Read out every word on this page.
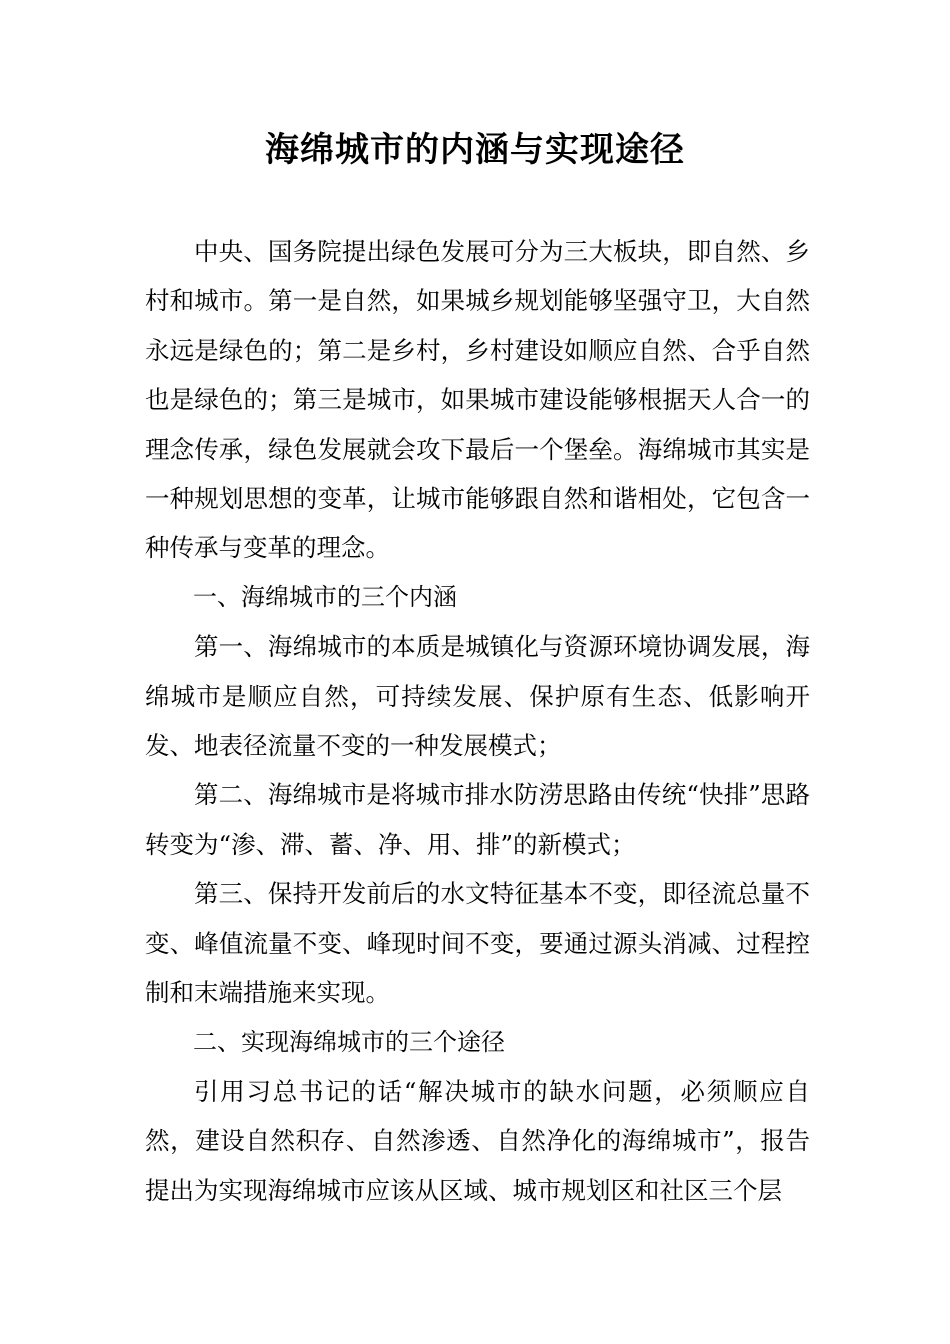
海绵城市的内涵与实现途径

中央、国务院提出绿色发展可分为三大板块，即自然、乡村和城市。第一是自然，如果城乡规划能够坚强守卫，大自然永远是绿色的；第二是乡村，乡村建设如顺应自然、合乎自然也是绿色的；第三是城市，如果城市建设能够根据天人合一的理念传承，绿色发展就会攻下最后一个堡垒。海绵城市其实是一种规划思想的变革，让城市能够跟自然和谐相处，它包含一种传承与变革的理念。

一、海绵城市的三个内涵

第一、海绵城市的本质是城镇化与资源环境协调发展，海绵城市是顺应自然，可持续发展、保护原有生态、低影响开发、地表径流量不变的一种发展模式；

第二、海绵城市是将城市排水防涝思路由传统“快排”思路转变为“渗、滞、蓄、净、用、排”的新模式；

第三、保持开发前后的水文特征基本不变，即径流总量不变、峰值流量不变、峰现时间不变，要通过源头消减、过程控制和末端措施来实现。

二、实现海绵城市的三个途径

引用习总书记的话“解决城市的缺水问题，必须顺应自然，建设自然积存、自然渗透、自然净化的海绵城市”，报告提出为实现海绵城市应该从区域、城市规划区和社区三个层
